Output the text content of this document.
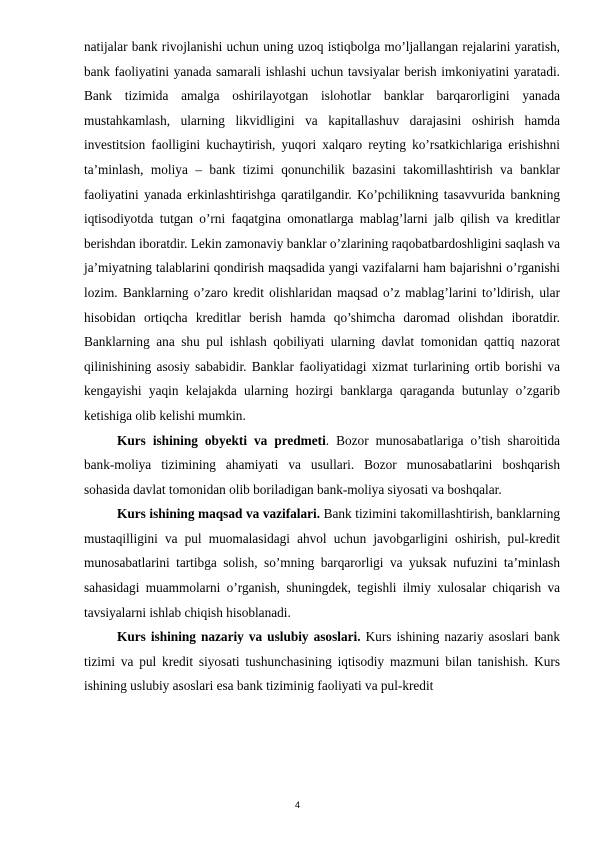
natijalar bank rivojlanishi uchun uning uzoq istiqbolga mo’ljallangan rejalarini yaratish, bank faoliyatini yanada samarali ishlashi uchun tavsiyalar berish imkoniyatini yaratadi. Bank tizimida amalga oshirilayotgan islohotlar banklar barqarorligini yanada mustahkamlash, ularning likvidligini va kapitallashuv darajasini oshirish hamda investitsion faolligini kuchaytirish, yuqori xalqaro reyting ko’rsatkichlariga erishishni ta’minlash, moliya – bank tizimi qonunchilik bazasini takomillashtirish va banklar faoliyatini yanada erkinlashtirishga qaratilgandir. Ko’pchilikning tasavvurida bankning iqtisodiyotda tutgan o’rni faqatgina omonatlarga mablag’larni jalb qilish va kreditlar berishdan iboratdir. Lekin zamonaviy banklar o’zlarining raqobatbardoshligini saqlash va ja’miyatning talablarini qondirish maqsadida yangi vazifalarni ham bajarishni o’rganishi lozim. Banklarning o’zaro kredit olishlaridan maqsad o’z mablag’larini to’ldirish, ular hisobidan ortiqcha kreditlar berish hamda qo’shimcha daromad olishdan iboratdir. Banklarning ana shu pul ishlash qobiliyati ularning davlat tomonidan qattiq nazorat qilinishining asosiy sababidir. Banklar faoliyatidagi xizmat turlarining ortib borishi va kengayishi yaqin kelajakda ularning hozirgi banklarga qaraganda butunlay o’zgarib ketishiga olib kelishi mumkin.

Kurs ishining obyekti va predmeti. Bozor munosabatlariga o’tish sharoitida bank-moliya tizimining ahamiyati va usullari. Bozor munosabatlarini boshqarish sohasida davlat tomonidan olib boriladigan bank-moliya siyosati va boshqalar.

Kurs ishining maqsad va vazifalari. Bank tizimini takomillashtirish, banklarning mustaqilligini va pul muomalasidagi ahvol uchun javobgarligini oshirish, pul-kredit munosabatlarini tartibga solish, so’mning barqarorligi va yuksak nufuzini ta’minlash sahasidagi muammolarni o’rganish, shuningdek, tegishli ilmiy xulosalar chiqarish va tavsiyalarni ishlab chiqish hisoblanadi.

Kurs ishining nazariy va uslubiy asoslari. Kurs ishining nazariy asoslari bank tizimi va pul kredit siyosati tushunchasining iqtisodiy mazmuni bilan tanishish. Kurs ishining uslubiy asoslari esa bank tiziminig faoliyati va pul-kredit

4
